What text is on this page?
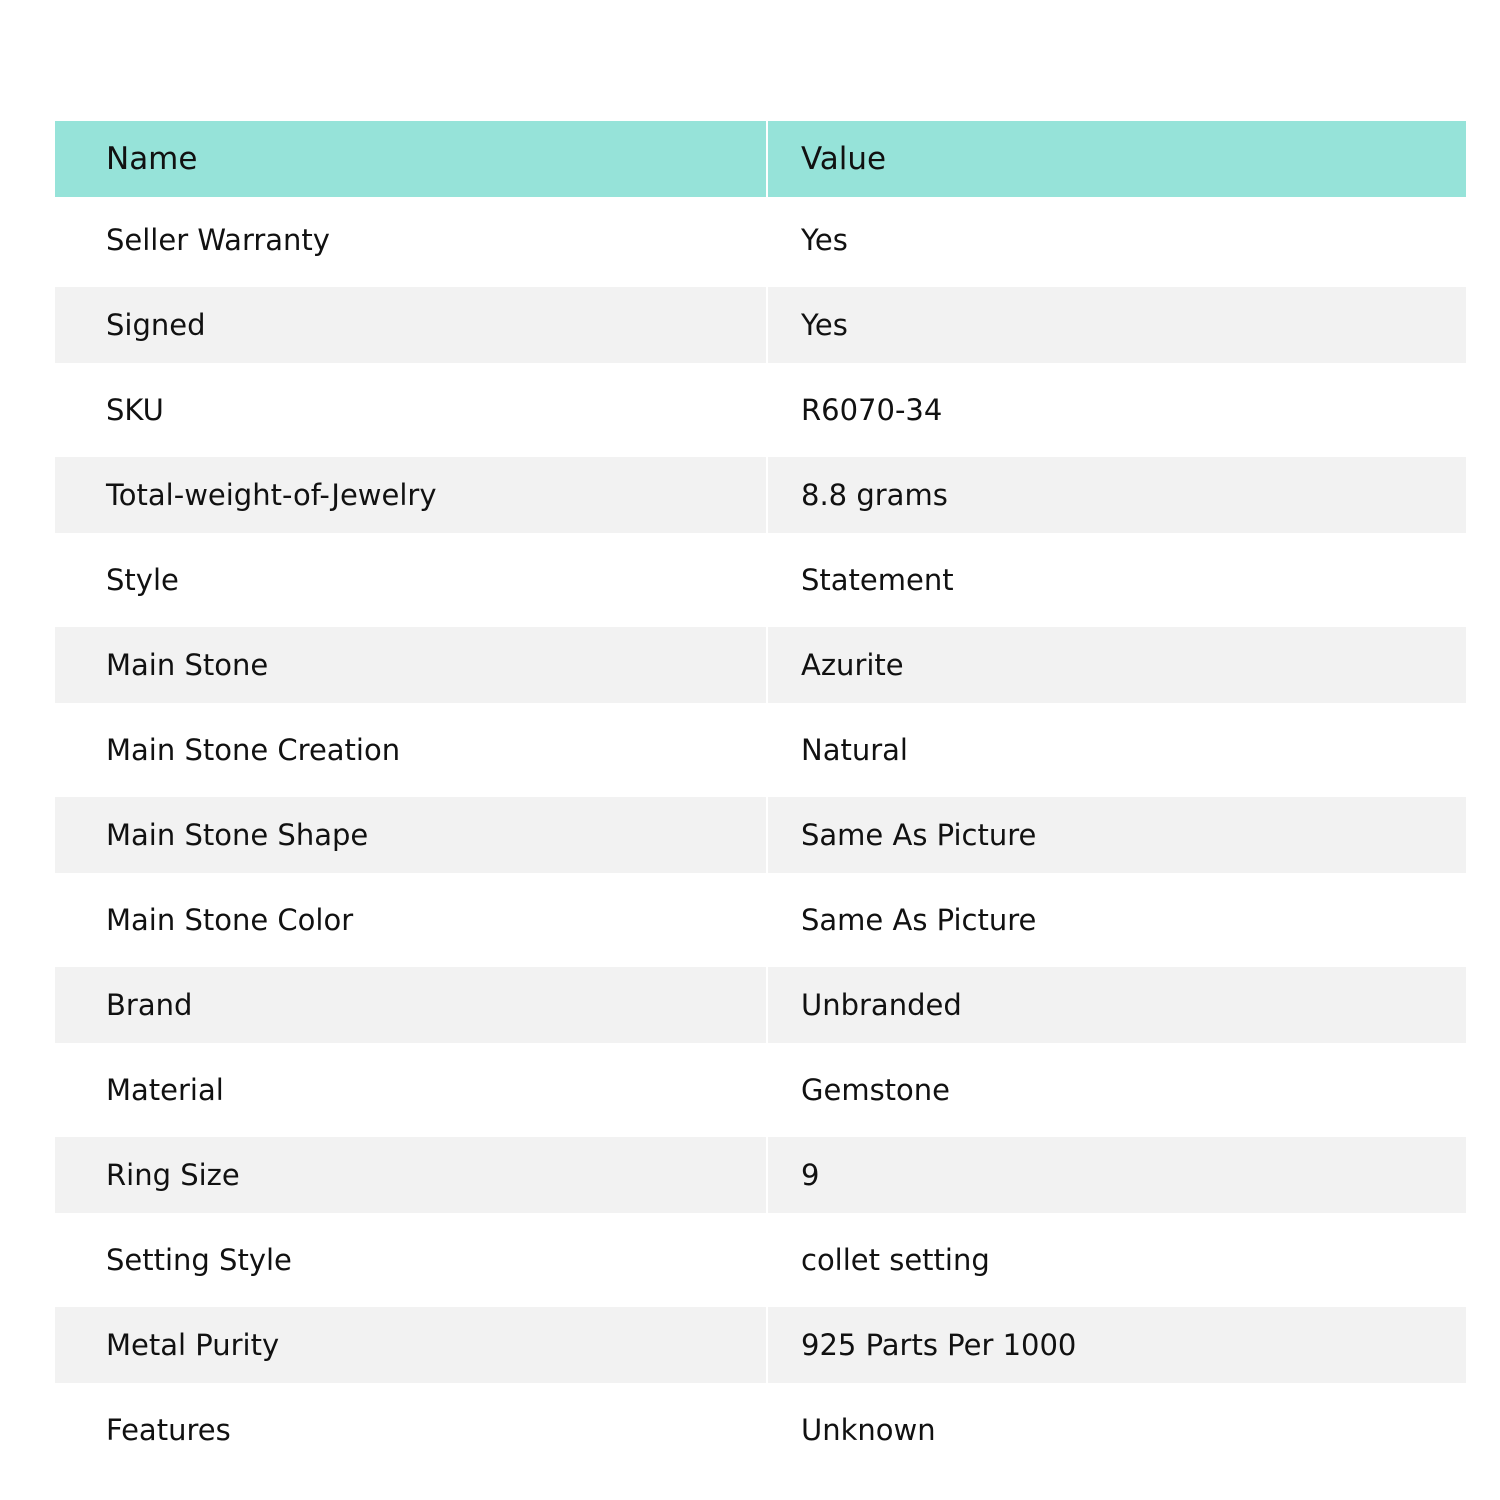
Name	Value
Seller Warranty	Yes
Signed	Yes
SKU	R6070-34
Total-weight-of-Jewelry	8.8 grams
Style	Statement
Main Stone	Azurite
Main Stone Creation	Natural
Main Stone Shape	Same As Picture
Main Stone Color	Same As Picture
Brand	Unbranded
Material	Gemstone
Ring Size	9
Setting Style	collet setting
Metal Purity	925 Parts Per 1000
Features	Unknown
